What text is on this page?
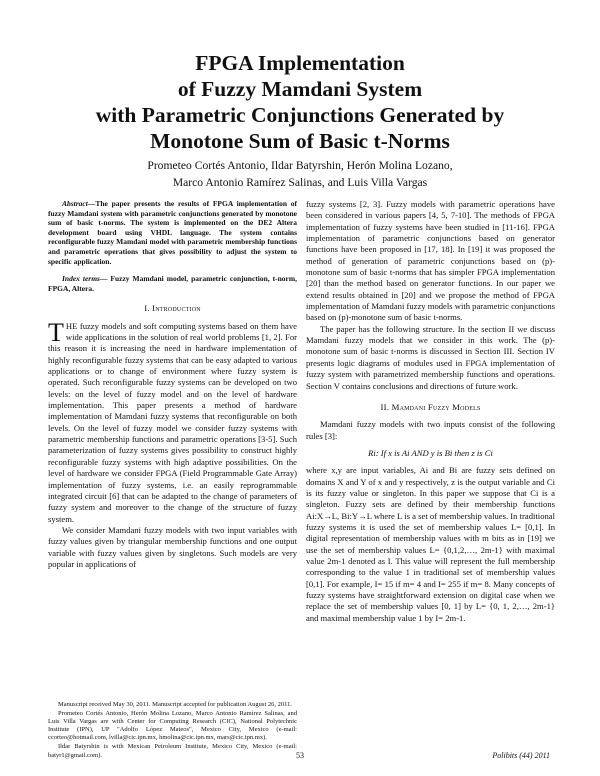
FPGA Implementation
of Fuzzy Mamdani System
with Parametric Conjunctions Generated by
Monotone Sum of Basic t-Norms
Prometeo Cortés Antonio, Ildar Batyrshin, Herón Molina Lozano,
Marco Antonio Ramírez Salinas, and Luis Villa Vargas

Abstract—The paper presents the results of FPGA implementation of fuzzy Mamdani system with parametric conjunctions generated by monotone sum of basic t-norms. The system is implemented on the DE2 Altera development board using VHDL language. The system contains reconfigurable fuzzy Mamdani model with parametric membership functions and parametric operations that gives possibility to adjust the system to specific application.

Index terms— Fuzzy Mamdani model, parametric conjunction, t-norm, FPGA, Altera.

I. Introduction

THE fuzzy models and soft computing systems based on them have wide applications in the solution of real world problems [1, 2]. For this reason it is increasing the need in hardware implementation of highly reconfigurable fuzzy systems that can be easy adapted to various applications or to change of environment where fuzzy system is operated. Such reconfigurable fuzzy systems can be developed on two levels: on the level of fuzzy model and on the level of hardware implementation. This paper presents a method of hardware implementation of Mamdani fuzzy systems that reconfigurable on both levels. On the level of fuzzy model we consider fuzzy systems with parametric membership functions and parametric operations [3-5]. Such parameterization of fuzzy systems gives possibility to construct highly reconfigurable fuzzy systems with high adaptive possibilities. On the level of hardware we consider FPGA (Field Programmable Gate Array) implementation of fuzzy systems, i.e. an easily reprogrammable integrated circuit [6] that can be adapted to the change of parameters of fuzzy system and moreover to the change of the structure of fuzzy system.

We consider Mamdani fuzzy models with two input variables with fuzzy values given by triangular membership functions and one output variable with fuzzy values given by singletons. Such models are very popular in applications of

Manuscript received May 30, 2011. Manuscript accepted for publication August 26, 2011.

Prometeo Cortés Antonio, Herón Molina Lozano, Marco Antonio Ramírez Salinas, and Luis Villa Vargas are with Center for Computing Research (CIC), National Polytechnic Institute (IPN), UP "Adolfo López Mateos", Mexico City, Mexico (e-mail: ccorteo@hotmail.com, lvilla@cic.ipn.mx, hmolina@cic.ipn.mx, mars@cic.ipn.mx).

Ildar Batyrshin is with Mexican Petroleum Institute, Mexico City, Mexico (e-mail: batyr1@gmail.com).

fuzzy systems [2, 3]. Fuzzy models with parametric operations have been considered in various papers [4, 5, 7-10]. The methods of FPGA implementation of fuzzy systems have been studied in [11-16]. FPGA implementation of parametric conjunctions based on generator functions have been proposed in [17, 18]. In [19] it was proposed the method of generation of parametric conjunctions based on (p)-monotone sum of basic t-norms that has simpler FPGA implementation [20] than the method based on generator functions. In our paper we extend results obtained in [20] and we propose the method of FPGA implementation of Mamdani fuzzy models with parametric conjunctions based on (p)-monotone sum of basic t-norms.

The paper has the following structure. In the section II we discuss Mamdani fuzzy models that we consider in this work. The (p)-monotone sum of basic t-norms is discussed in Section III. Section IV presents logic diagrams of modules used in FPGA implementation of fuzzy system with parametrized membership functions and operations. Section V contains conclusions and directions of future work.

II. Mamdani Fuzzy Models

Mamdani fuzzy models with two inputs consist of the following rules [3]:

Ri: If x is Ai AND y is Bi then z is Ci

where x,y are input variables, Ai and Bi are fuzzy sets defined on domains X and Y of x and y respectively, z is the output variable and Ci is its fuzzy value or singleton. In this paper we suppose that Ci is a singleton. Fuzzy sets are defined by their membership functions Ai:X→L, Bi:Y→L where L is a set of membership values. In traditional fuzzy systems it is used the set of membership values L= [0,1]. In digital representation of membership values with m bits as in [19] we use the set of membership values L= {0,1,2,…, 2m-1} with maximal value 2m-1 denoted as I. This value will represent the full membership corresponding to the value 1 in traditional set of membership values [0,1]. For example, I= 15 if m= 4 and I= 255 if m= 8. Many concepts of fuzzy systems have straightforward extension on digital case when we replace the set of membership values [0, 1] by L= {0, 1, 2,…, 2m-1} and maximal membership value 1 by I= 2m-1.

53	Polibits (44) 2011
